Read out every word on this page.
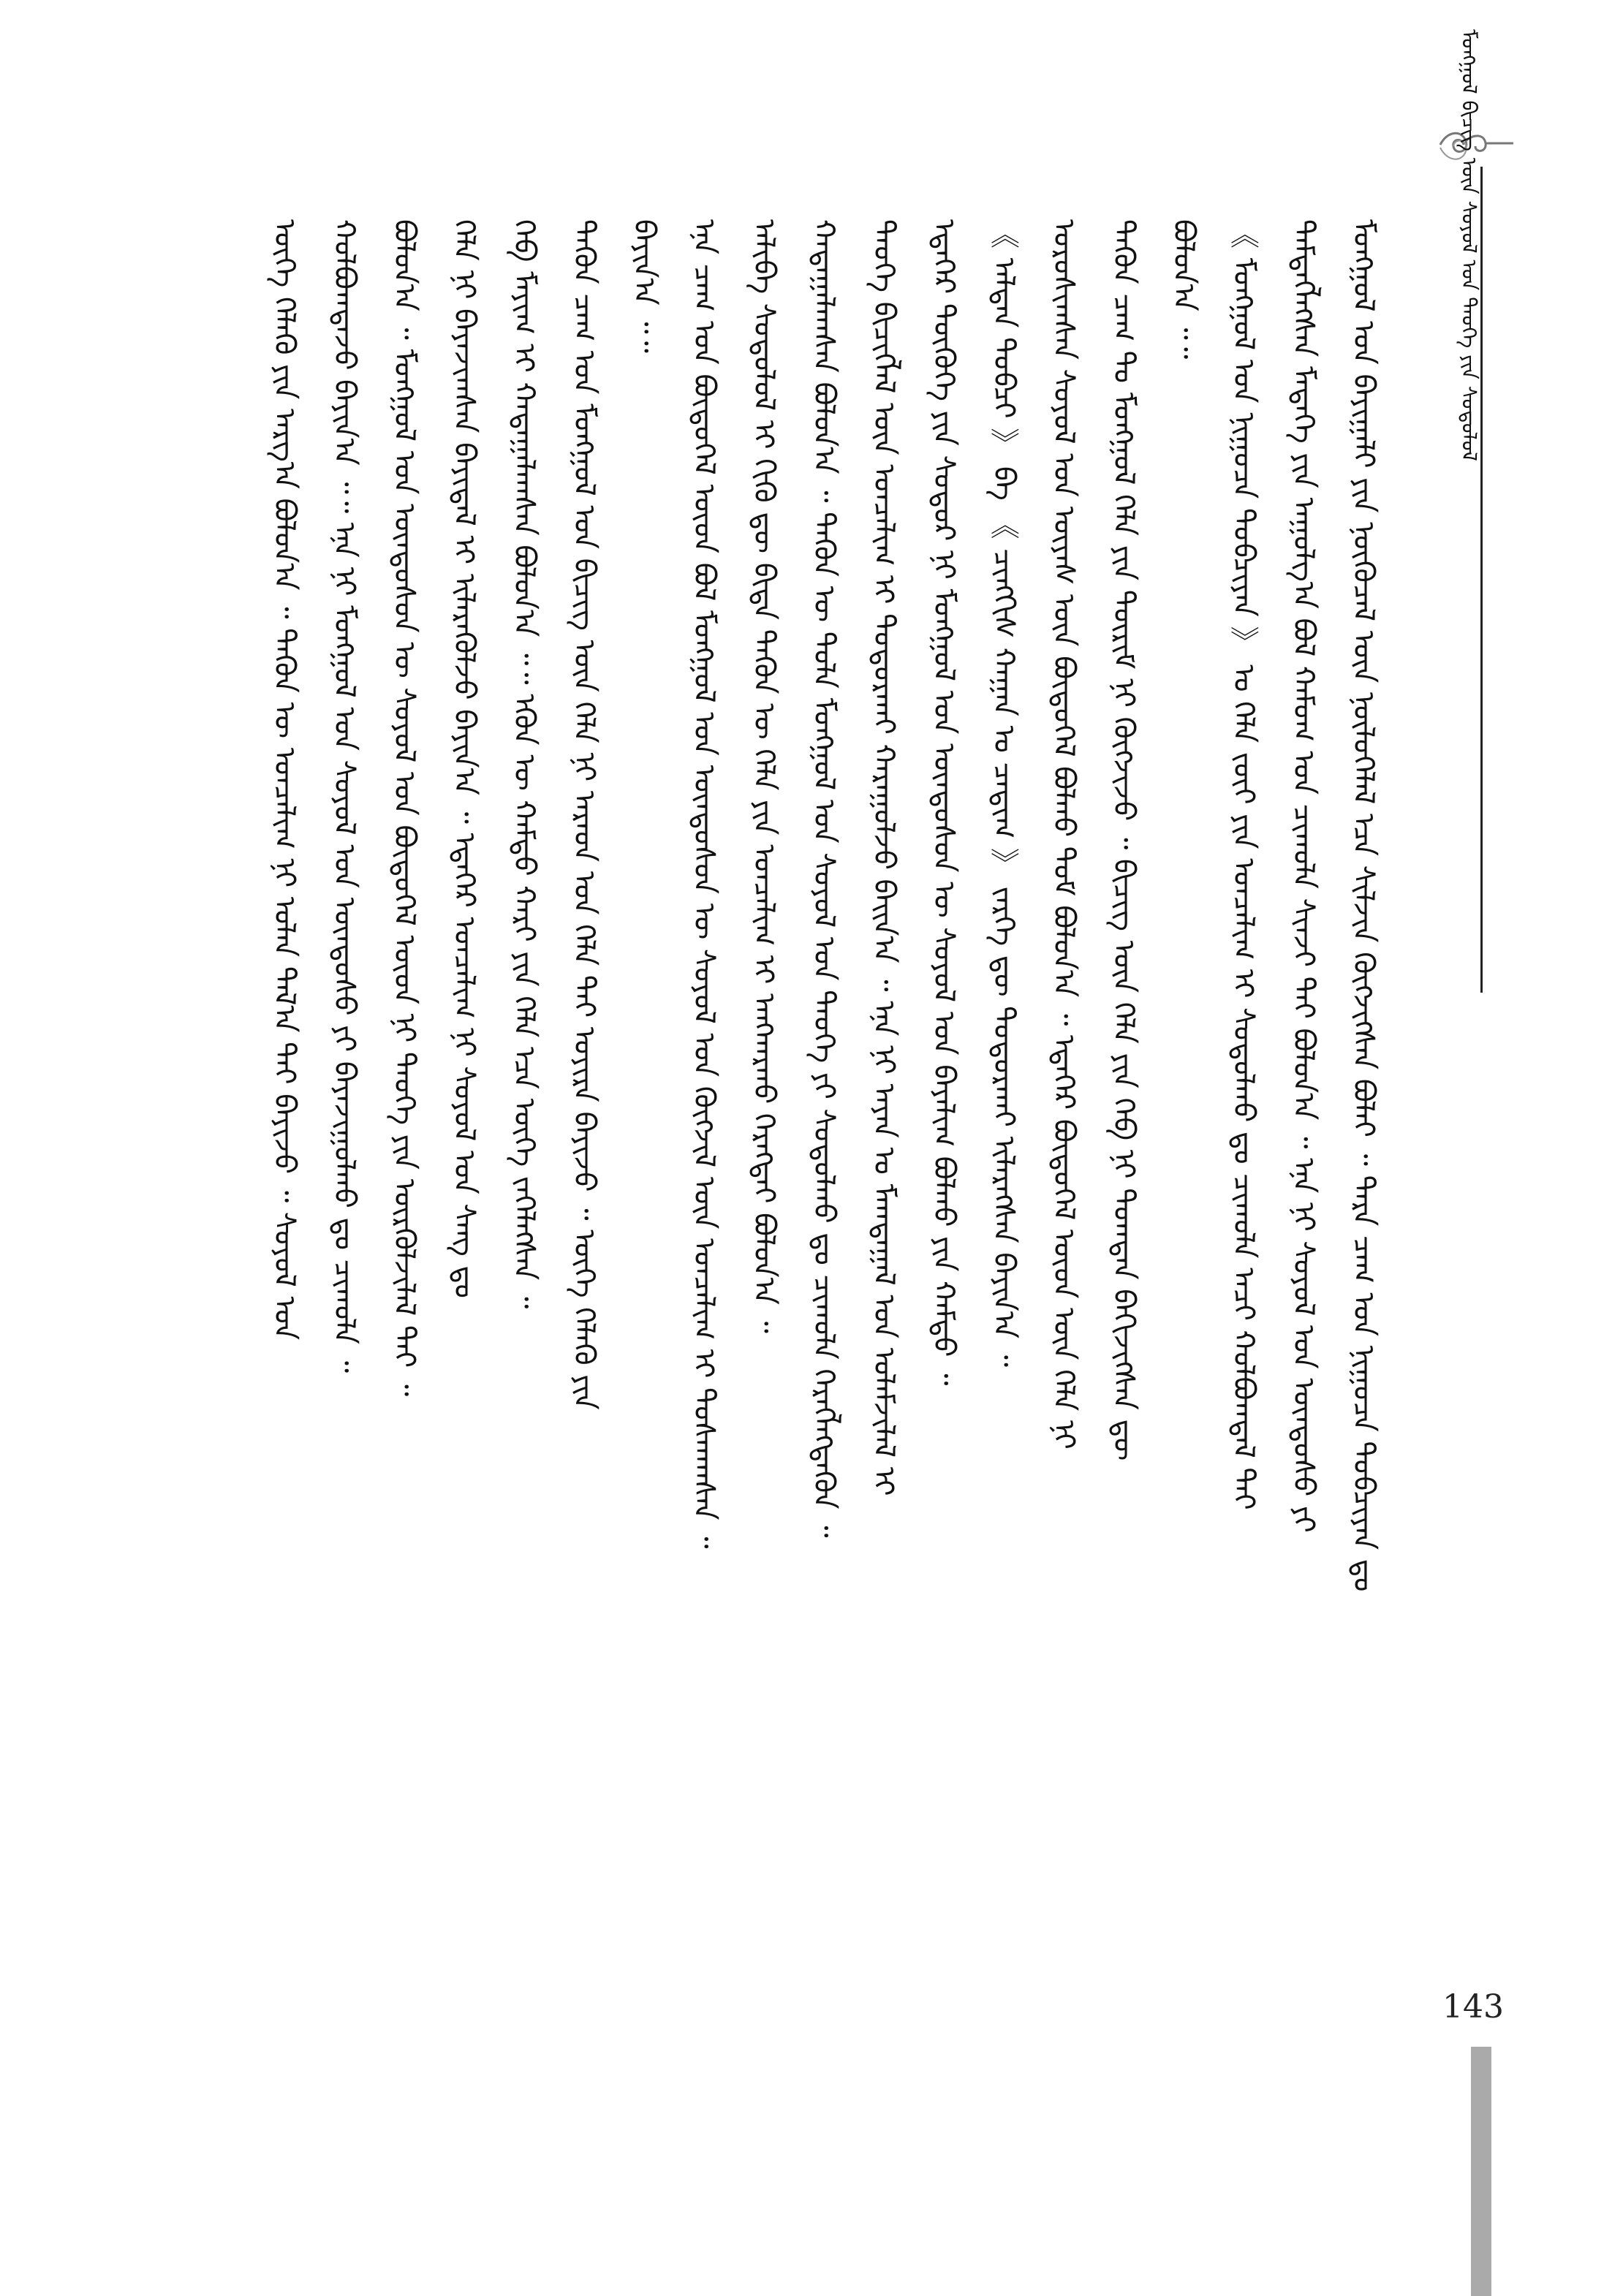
ᠮᠣᠩᠭᠣᠯ ᠪᠢᠴᠢᠭ᠌ ᠦᠨ ᠰᠣᠶᠣᠯ ᠤᠨ ᠲᠡᠦᠬᠡ ᠶᠢᠨ ᠰᠤᠳᠤᠯᠤᠯ
ᠮᠣᠩᠭᠣᠯ ᠤᠨ ᠪᠠᠶᠢᠭᠠᠯᠢ ᠶᠢᠨ ᠨᠥᠬᠦᠴᠡᠯ ᠦᠨ ᠨᠥᠯᠦᠭᠡᠯᠡᠯ ᠡᠴᠡ ᠰᠢᠯᠵᠢᠨ ᠬᠥᠭᠵᠢᠭᠰᠡᠨ ᠪᠣᠯᠠᠢ ᠃ ᠲᠡᠷᠡ ᠴᠠᠭ ᠤᠨ ᠨᠢᠭᠤᠴᠠ ᠲᠣᠪᠴᠢᠶᠠᠨ ᠳᠤ
ᠲᠡᠮᠳᠡᠭᠯᠡᠭᠰᠡᠨ ᠮᠡᠳᠡᠭᠡ ᠶᠢᠨ ᠠᠭᠤᠯᠭ᠎ᠠ ᠪᠣᠯ ᠬᠠᠮᠤᠭ ᠤᠨ ᠴᠢᠬᠤᠯᠠ ᠰᠢᠨᠵᠢ ᠲᠠᠶ ᠪᠣᠯᠤᠨ᠎ᠠ ᠃ ᠡᠨᠡ ᠨᠢ ᠰᠣᠶᠣᠯ ᠤᠨ ᠦᠨᠳᠦᠰᠦ ᠶᠢ
《 ᠮᠣᠩᠭᠣᠯ ᠤᠨ ᠨᠢᠭᠤᠴᠠ ᠲᠣᠪᠴᠢᠶᠠᠨ 》 ᠤ ᠬᠡᠯᠡ ᠵᠦᠢ ᠶᠢᠨ ᠣᠨᠴᠠᠯᠢᠭ ᠢ ᠰᠤᠳᠤᠯᠬᠤ ᠳᠤ ᠴᠢᠬᠤᠯᠠ ᠠᠴᠢ ᠬᠣᠯᠪᠣᠭᠳᠠᠯ ᠲᠠᠶ
ᠪᠣᠯᠤᠨ᠎ᠠ ᠃᠃
ᠲᠡᠭᠦᠨ ᠴᠠᠭ ᠲᠤ ᠮᠣᠩᠭᠣᠯ ᠬᠡᠯᠡ ᠶᠢᠨ ᠳᠦᠷᠢᠮ ᠨᠢ ᠬᠥᠭᠵᠢᠵᠦ ᠃ ᠪᠢᠴᠢᠭ᠌ ᠦᠨ ᠬᠡᠯᠡ ᠶᠢᠨ ᠬᠡᠪ ᠨᠢ ᠲᠣᠭᠲᠠᠨ ᠪᠡᠬᠢᠵᠢᠭᠰᠡᠨ ᠳᠦ
ᠣᠷᠣᠰᠢᠭᠰᠠᠨ ᠰᠣᠶᠣᠯ ᠤᠨ ᠦᠶᠡᠰ ᠦᠨ ᠪᠦᠲᠦᠭᠡᠯ ᠪᠣᠯᠬᠤ ᠳᠤᠮ ᠪᠣᠯᠤᠨ᠎ᠠ ᠃ ᠡᠳᠡᠭᠡᠷ ᠪᠦᠲᠦᠭᠡᠯ ᠦᠳ ᠦᠨ ᠬᠡᠯᠡ ᠨᠢ
《 ᠠᠯᠲᠠᠨ ᠲᠣᠪᠴᠢ 》 ᠪᠠ 《 ᠴᠢᠩᠭᠢᠰ ᠬᠠᠭᠠᠨ ᠤ ᠴᠠᠳᠢᠭ 》 ᠵᠡᠷᠭᠡ ᠳᠦ ᠲᠣᠳᠣᠷᠬᠠᠢ ᠢᠯᠡᠷᠡᠭᠰᠡᠨ ᠪᠠᠶᠢᠨ᠎ᠠ ᠃
ᠡᠳᠡᠭᠡᠷ ᠲᠦᠭᠦᠬᠡ ᠶᠢᠨ ᠰᠤᠳᠤᠷ ᠨᠢ ᠮᠣᠩᠭᠣᠯ ᠤᠨ ᠦᠨᠳᠦᠰᠦᠨ ᠦ ᠰᠣᠶᠣᠯ ᠤᠨ ᠪᠠᠶᠠᠯᠢᠭ ᠪᠣᠯᠬᠤ ᠶᠢᠨ ᠬᠠᠮᠲᠤ ᠃
ᠲᠡᠦᠬᠡ ᠪᠢᠴᠢᠭᠯᠡᠯ ᠦᠨ ᠣᠨᠴᠠᠯᠢᠭ ᠢ ᠲᠣᠳᠣᠷᠬᠠᠢ ᠬᠠᠷᠠᠭᠤᠯᠵᠤ ᠪᠠᠢᠨ᠎ᠠ ᠃ ᠡᠨᠡ ᠨᠢ ᠠᠶᠠᠨ ᠤ ᠮᠠᠭᠲᠠᠭᠠᠯ ᠤᠨ ᠤᠯᠠᠮᠵᠢᠯᠠᠯ ᠢ
ᠬᠠᠳᠠᠭᠠᠯᠠᠭᠰᠠᠨ ᠪᠣᠯᠤᠨ᠎ᠠ ᠃ ᠲᠡᠭᠦᠨ ᠦ ᠲᠤᠯᠠ ᠮᠣᠩᠭᠣᠯ ᠤᠨ ᠰᠣᠶᠣᠯ ᠤᠨ ᠲᠡᠦᠬᠡ ᠶᠢ ᠰᠤᠳᠤᠯᠬᠤ ᠳᠤ ᠴᠢᠬᠤᠯᠠ ᠬᠡᠷᠡᠭᠯᠡᠭᠳᠡᠬᠦᠨ ᠃
ᠠᠯᠢᠪᠠ ᠰᠤᠳᠤᠯᠤᠯ ᠢ ᠬᠢᠬᠦ ᠳᠦ ᠪᠢᠳᠡ ᠲᠡᠭᠦᠨ ᠦ ᠬᠡᠯᠡ ᠶᠢᠨ ᠣᠨᠴᠠᠯᠢᠭ ᠢ ᠠᠩᠬᠠᠷᠬᠤ ᠬᠡᠷᠡᠭᠲᠡᠢ ᠪᠣᠯᠤᠨ᠎ᠠ ᠃
ᠡᠨᠡ ᠴᠠᠭ ᠤᠨ ᠪᠦᠲᠦᠭᠡᠯ ᠦᠳ ᠪᠣᠯ ᠮᠣᠩᠭᠣᠯ ᠤᠨ ᠦᠨᠳᠦᠰᠦᠨ ᠦ ᠰᠣᠶᠣᠯ ᠤᠨ ᠬᠥᠭᠵᠢᠯ ᠦᠨ ᠣᠨᠴᠠᠯᠢᠭ ᠢ ᠲᠤᠰᠬᠠᠭᠰᠠᠨ ᠃
ᠪᠠᠶᠢᠨ᠎ᠠ ᠃᠃
ᠲᠡᠭᠦᠨ ᠴᠠᠭ ᠤᠨ ᠮᠣᠩᠭᠣᠯ ᠤᠨ ᠪᠢᠴᠢᠭ᠌ ᠦᠨ ᠬᠡᠯᠡ ᠨᠢ ᠠᠷᠠᠳ ᠤᠨ ᠬᠡᠯᠡ ᠲᠡᠢ ᠣᠶᠢᠷᠠ ᠪᠠᠶᠢᠵᠤ ᠃ ᠦᠭᠡ ᠬᠡᠯᠡᠬᠦ ᠶᠢᠨ
ᠬᠡᠪ ᠮᠠᠶᠢᠭ ᠢ ᠬᠠᠳᠠᠭᠠᠯᠠᠭᠰᠠᠨ ᠪᠣᠯᠤᠨ᠎ᠠ ᠃᠃ ᠡᠭᠦᠨ ᠦ ᠬᠠᠮᠲᠤ ᠬᠠᠷᠢ ᠶᠢᠨ ᠬᠡᠯᠡ ᠡᠴᠡ ᠦᠭᠡ ᠵᠡᠭᠡᠯᠡᠭᠰᠡᠨ ᠃
ᠬᠡᠯᠡ ᠨᠢ ᠪᠠᠶᠠᠵᠢᠭᠰᠠᠨ ᠪᠠᠶᠢᠳᠠᠯ ᠢ ᠢᠯᠡᠷᠡᠭᠦᠯᠵᠦ ᠪᠠᠶᠢᠨ᠎ᠠ ᠃ ᠡᠳᠡᠭᠡᠷ ᠣᠨᠴᠠᠯᠢᠭ ᠨᠢ ᠰᠣᠶᠣᠯ ᠤᠨ ᠰᠠᠩ ᠳᠤ
ᠪᠣᠯᠤᠨ᠎ᠠ ᠃ ᠮᠣᠩᠭᠣᠯ ᠤᠨ ᠦᠨᠳᠦᠰᠦᠨ ᠦ ᠰᠣᠶᠣᠯ ᠤᠨ ᠪᠦᠲᠦᠭᠡᠯ ᠦᠳ ᠨᠢ ᠲᠡᠦᠬᠡ ᠶᠢᠨ ᠦᠷᠭᠦᠯᠵᠢᠯᠡᠯ ᠲᠡᠢ ᠃
ᠬᠣᠯᠪᠣᠭᠳᠠᠵᠤ ᠪᠠᠶᠢᠨ᠎ᠠ ᠃᠃ ᠡᠨᠡ ᠨᠢ ᠮᠣᠩᠭᠣᠯ ᠤᠨ ᠰᠣᠶᠣᠯ ᠤᠨ ᠦᠨᠳᠦᠰᠦ ᠶᠢ ᠪᠠᠶᠠᠵᠢᠭᠤᠯᠬᠤ ᠳᠤ ᠴᠢᠬᠤᠯᠠ ᠃
ᠦᠭᠡ ᠬᠡᠯᠡᠬᠦ ᠶᠢᠨ ᠠᠷᠭ᠎ᠠ ᠪᠣᠯᠤᠨ᠎ᠠ ᠃ ᠲᠡᠭᠦᠨ ᠦ ᠣᠨᠴᠠᠯᠢᠭ ᠨᠢ ᠣᠯᠠᠨ ᠲᠠᠯ᠎ᠠ ᠲᠠᠶ ᠪᠠᠶᠢᠵᠤ ᠃ ᠰᠣᠶᠣᠯ ᠤᠨ
143
